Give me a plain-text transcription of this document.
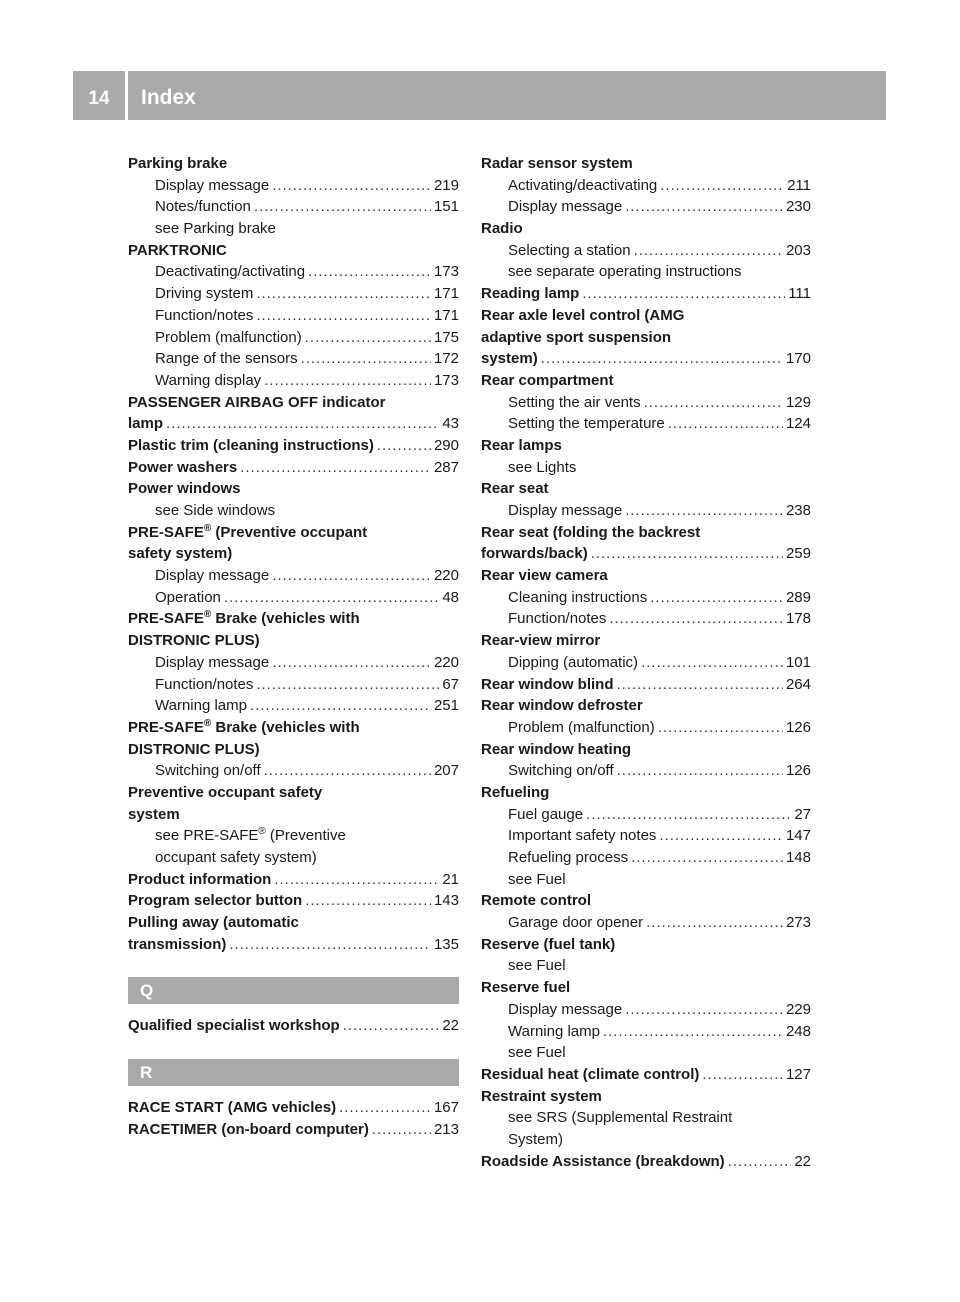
14	Index
Parking brake
Display message . . .	219
Notes/function . . .	151
see Parking brake
PARKTRONIC
Deactivating/activating . . .	173
Driving system . . .	171
Function/notes . . .	171
Problem (malfunction) . . .	175
Range of the sensors . . .	172
Warning display . . .	173
PASSENGER AIRBAG OFF indicator
lamp . . .	43
Plastic trim (cleaning instructions) . . .	290
Power washers . . .	287
Power windows
see Side windows
PRE-SAFE® (Preventive occupant
safety system)
Display message . . .	220
Operation . . .	48
PRE-SAFE® Brake (vehicles with
DISTRONIC PLUS)
Display message . . .	220
Function/notes . . .	67
Warning lamp . . .	251
PRE-SAFE® Brake (vehicles with
DISTRONIC PLUS)
Switching on/off . . .	207
Preventive occupant safety
system
see PRE-SAFE® (Preventive
occupant safety system)
Product information . . .	21
Program selector button . . .	143
Pulling away (automatic
transmission) . . .	135
Q
Qualified specialist workshop . . .	22
R
RACE START (AMG vehicles) . . .	167
RACETIMER (on-board computer) . . .	213
Radar sensor system
Activating/deactivating . . .	211
Display message . . .	230
Radio
Selecting a station . . .	203
see separate operating instructions
Reading lamp . . .	111
Rear axle level control (AMG
adaptive sport suspension
system) . . .	170
Rear compartment
Setting the air vents . . .	129
Setting the temperature . . .	124
Rear lamps
see Lights
Rear seat
Display message . . .	238
Rear seat (folding the backrest
forwards/back) . . .	259
Rear view camera
Cleaning instructions . . .	289
Function/notes . . .	178
Rear-view mirror
Dipping (automatic) . . .	101
Rear window blind . . .	264
Rear window defroster
Problem (malfunction) . . .	126
Rear window heating
Switching on/off . . .	126
Refueling
Fuel gauge . . .	27
Important safety notes . . .	147
Refueling process . . .	148
see Fuel
Remote control
Garage door opener . . .	273
Reserve (fuel tank)
see Fuel
Reserve fuel
Display message . . .	229
Warning lamp . . .	248
see Fuel
Residual heat (climate control) . . .	127
Restraint system
see SRS (Supplemental Restraint
System)
Roadside Assistance (breakdown) . . .	22
